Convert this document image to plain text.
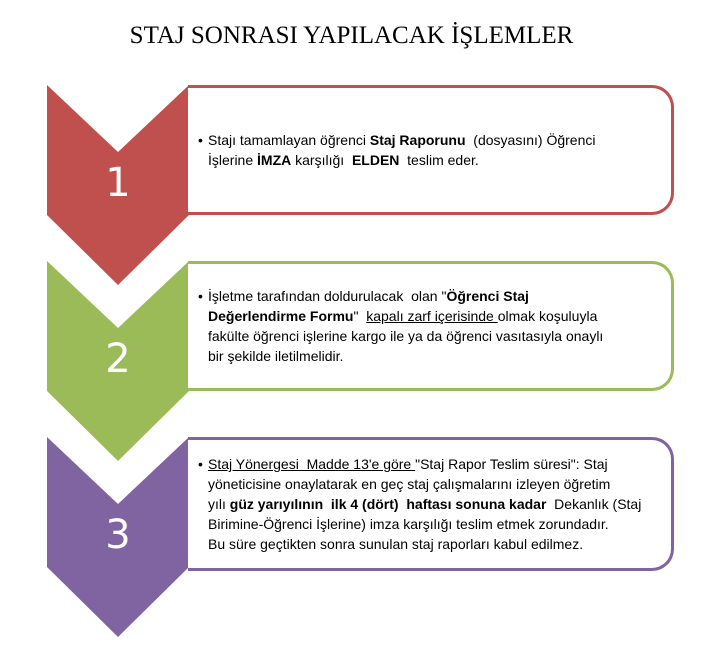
STAJ SONRASI YAPILACAK İŞLEMLER
1
• Stajı tamamlayan öğrenci Staj Raporunu  (dosyasını) Öğrenci
İşlerine İMZA karşılığı  ELDEN  teslim eder.
2
• İşletme tarafından doldurulacak  olan "Öğrenci Staj
Değerlendirme Formu"  kapalı zarf içerisinde olmak koşuluyla
fakülte öğrenci işlerine kargo ile ya da öğrenci vasıtasıyla onaylı
bir şekilde iletilmelidir.
3
• Staj Yönergesi  Madde 13'e göre "Staj Rapor Teslim süresi": Staj
yöneticisine onaylatarak en geç staj çalışmalarını izleyen öğretim
yılı güz yarıyılının  ilk 4 (dört)  haftası sonuna kadar  Dekanlık (Staj
Birimine-Öğrenci İşlerine) imza karşılığı teslim etmek zorundadır.
Bu süre geçtikten sonra sunulan staj raporları kabul edilmez.
